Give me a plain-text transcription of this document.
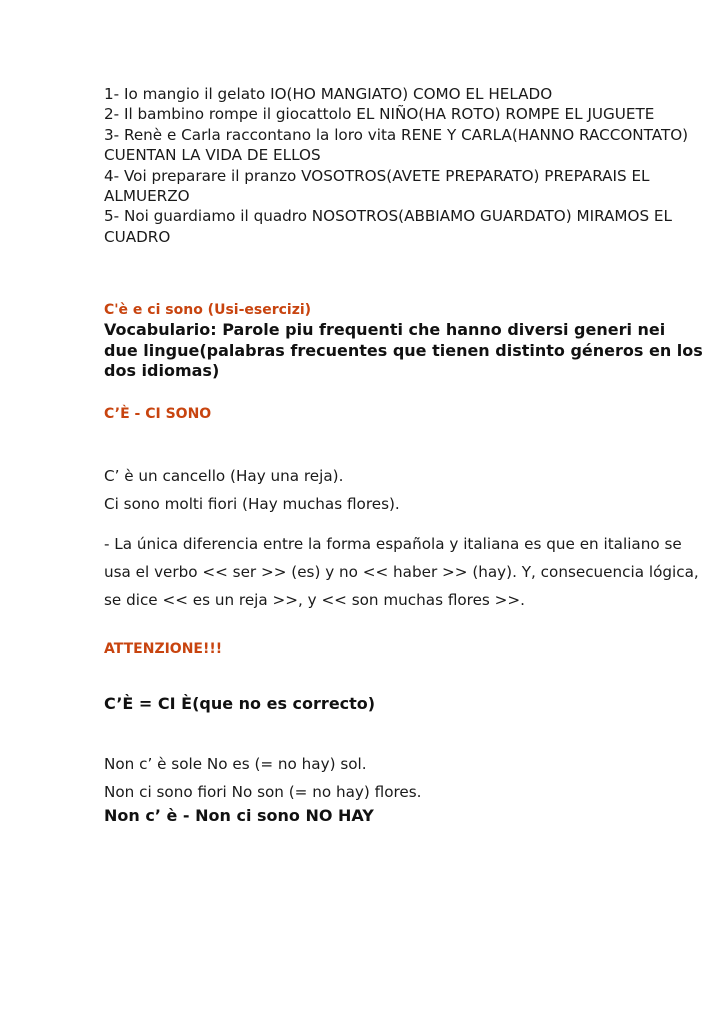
1- Io mangio il gelato IO(HO MANGIATO) COMO EL HELADO
2- Il bambino rompe il giocattolo EL NIÑO(HA ROTO) ROMPE EL JUGUETE
3- Renè e Carla raccontano la loro vita RENE Y CARLA(HANNO RACCONTATO) CUENTAN LA VIDA DE ELLOS
4- Voi preparare il pranzo VOSOTROS(AVETE PREPARATO) PREPARAIS EL ALMUERZO
5- Noi guardiamo il quadro NOSOTROS(ABBIAMO GUARDATO) MIRAMOS EL CUADRO

C'è e ci sono (Usi-esercizi)

Vocabulario: Parole piu frequenti che hanno diversi generi nei due lingue(palabras frecuentes que tienen distinto géneros en los dos idiomas)

C’È - CI SONO

C’ è un cancello (Hay una reja).

Ci sono molti fiori (Hay muchas flores).

- La única diferencia entre la forma española y italiana es que en italiano se usa el verbo << ser >> (es) y no << haber >> (hay). Y, consecuencia lógica, se dice << es un reja >>, y << son muchas flores >>.

ATTENZIONE!!!

C’È = CI È(que no es correcto)

Non c’ è sole No es (= no hay) sol.

Non ci sono fiori No son (= no hay) flores.

Non c’ è - Non ci sono NO HAY
